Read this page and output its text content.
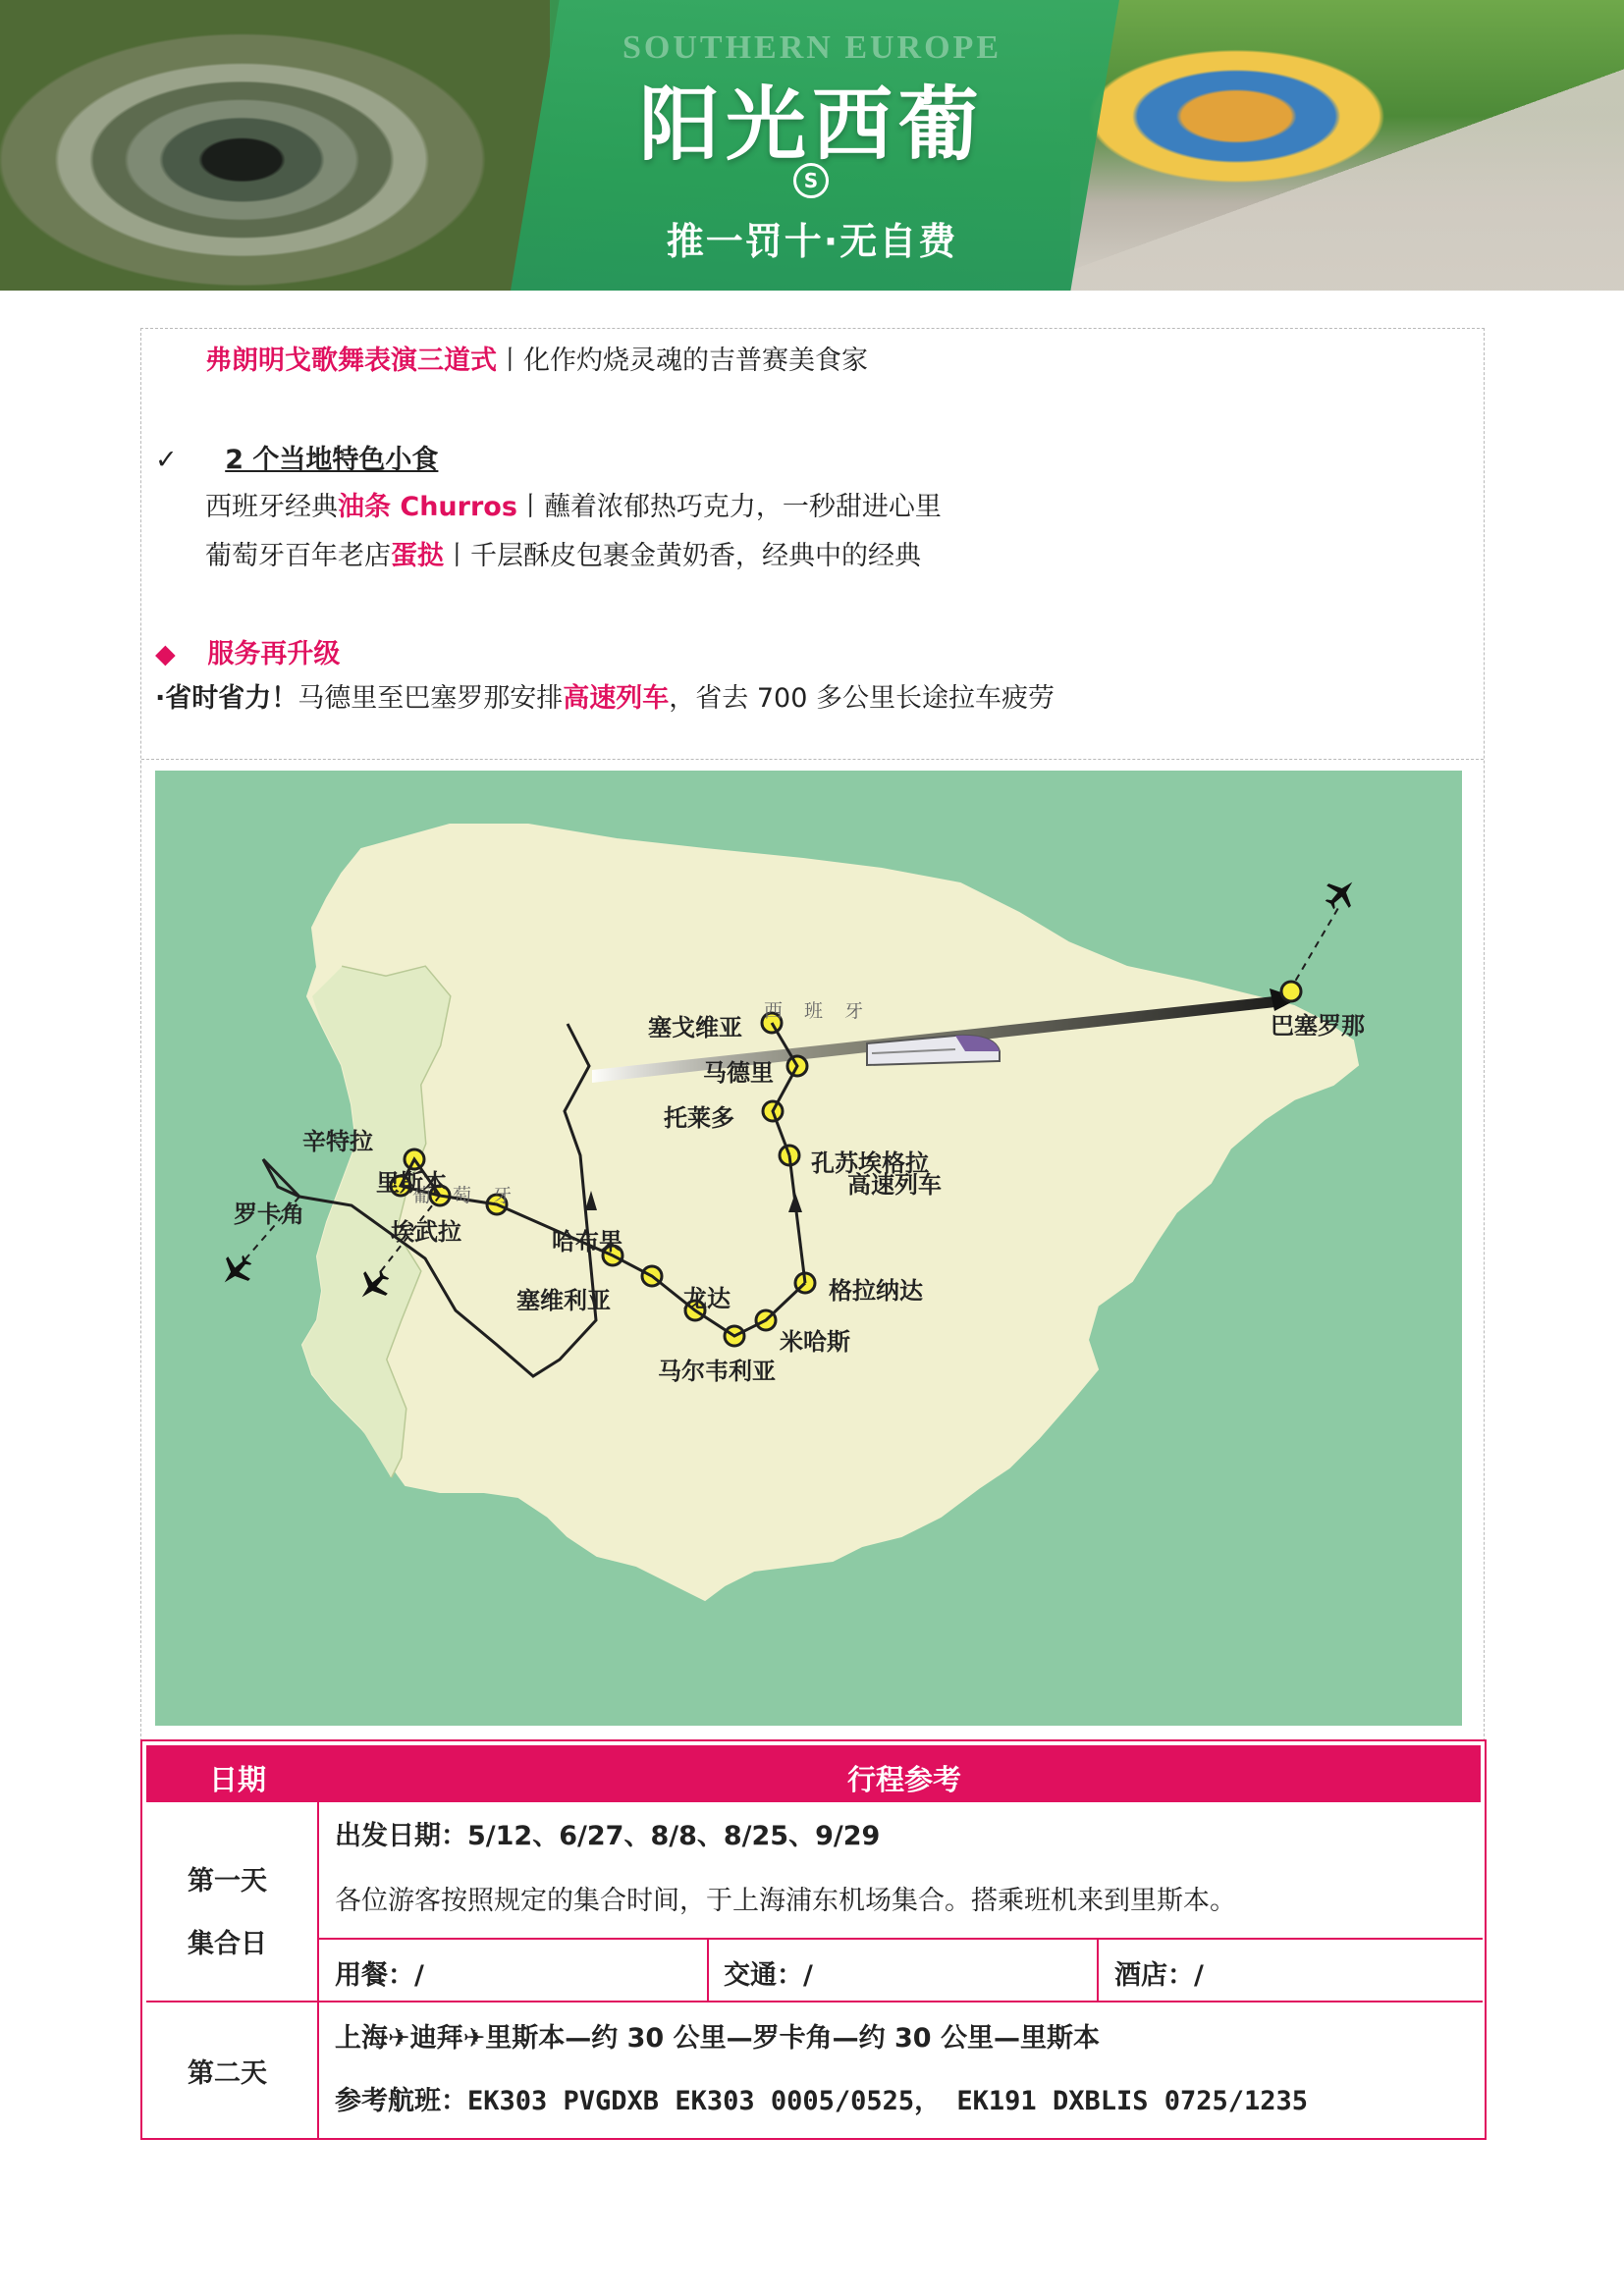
SOUTHERN EUROPE
阳光西葡
S
推一罚十·无自费
弗朗明戈歌舞表演三道式丨化作灼烧灵魂的吉普赛美食家
✓ 2 个当地特色小食
西班牙经典油条 Churros丨蘸着浓郁热巧克力，一秒甜进心里
葡萄牙百年老店蛋挞丨千层酥皮包裹金黄奶香，经典中的经典
◆ 服务再升级
·省时省力！马德里至巴塞罗那安排高速列车，省去 700 多公里长途拉车疲劳
西 班 牙
葡 萄 牙	高速列车
塞戈维亚
马德里
托莱多
孔苏埃格拉
格拉纳达
米哈斯
马尔韦利亚
龙达
塞维利亚
哈布果
埃武拉
里斯本
辛特拉
罗卡角
巴塞罗那
日期	行程参考
第一天
集合日
出发日期：5/12、6/27、8/8、8/25、9/29
各位游客按照规定的集合时间，于上海浦东机场集合。搭乘班机来到里斯本。
用餐：/	交通：/	酒店：/
第二天
上海✈迪拜✈里斯本—约 30 公里—罗卡角—约 30 公里—里斯本
参考航班：EK303 PVGDXB EK303 0005/0525， EK191 DXBLIS 0725/1235
